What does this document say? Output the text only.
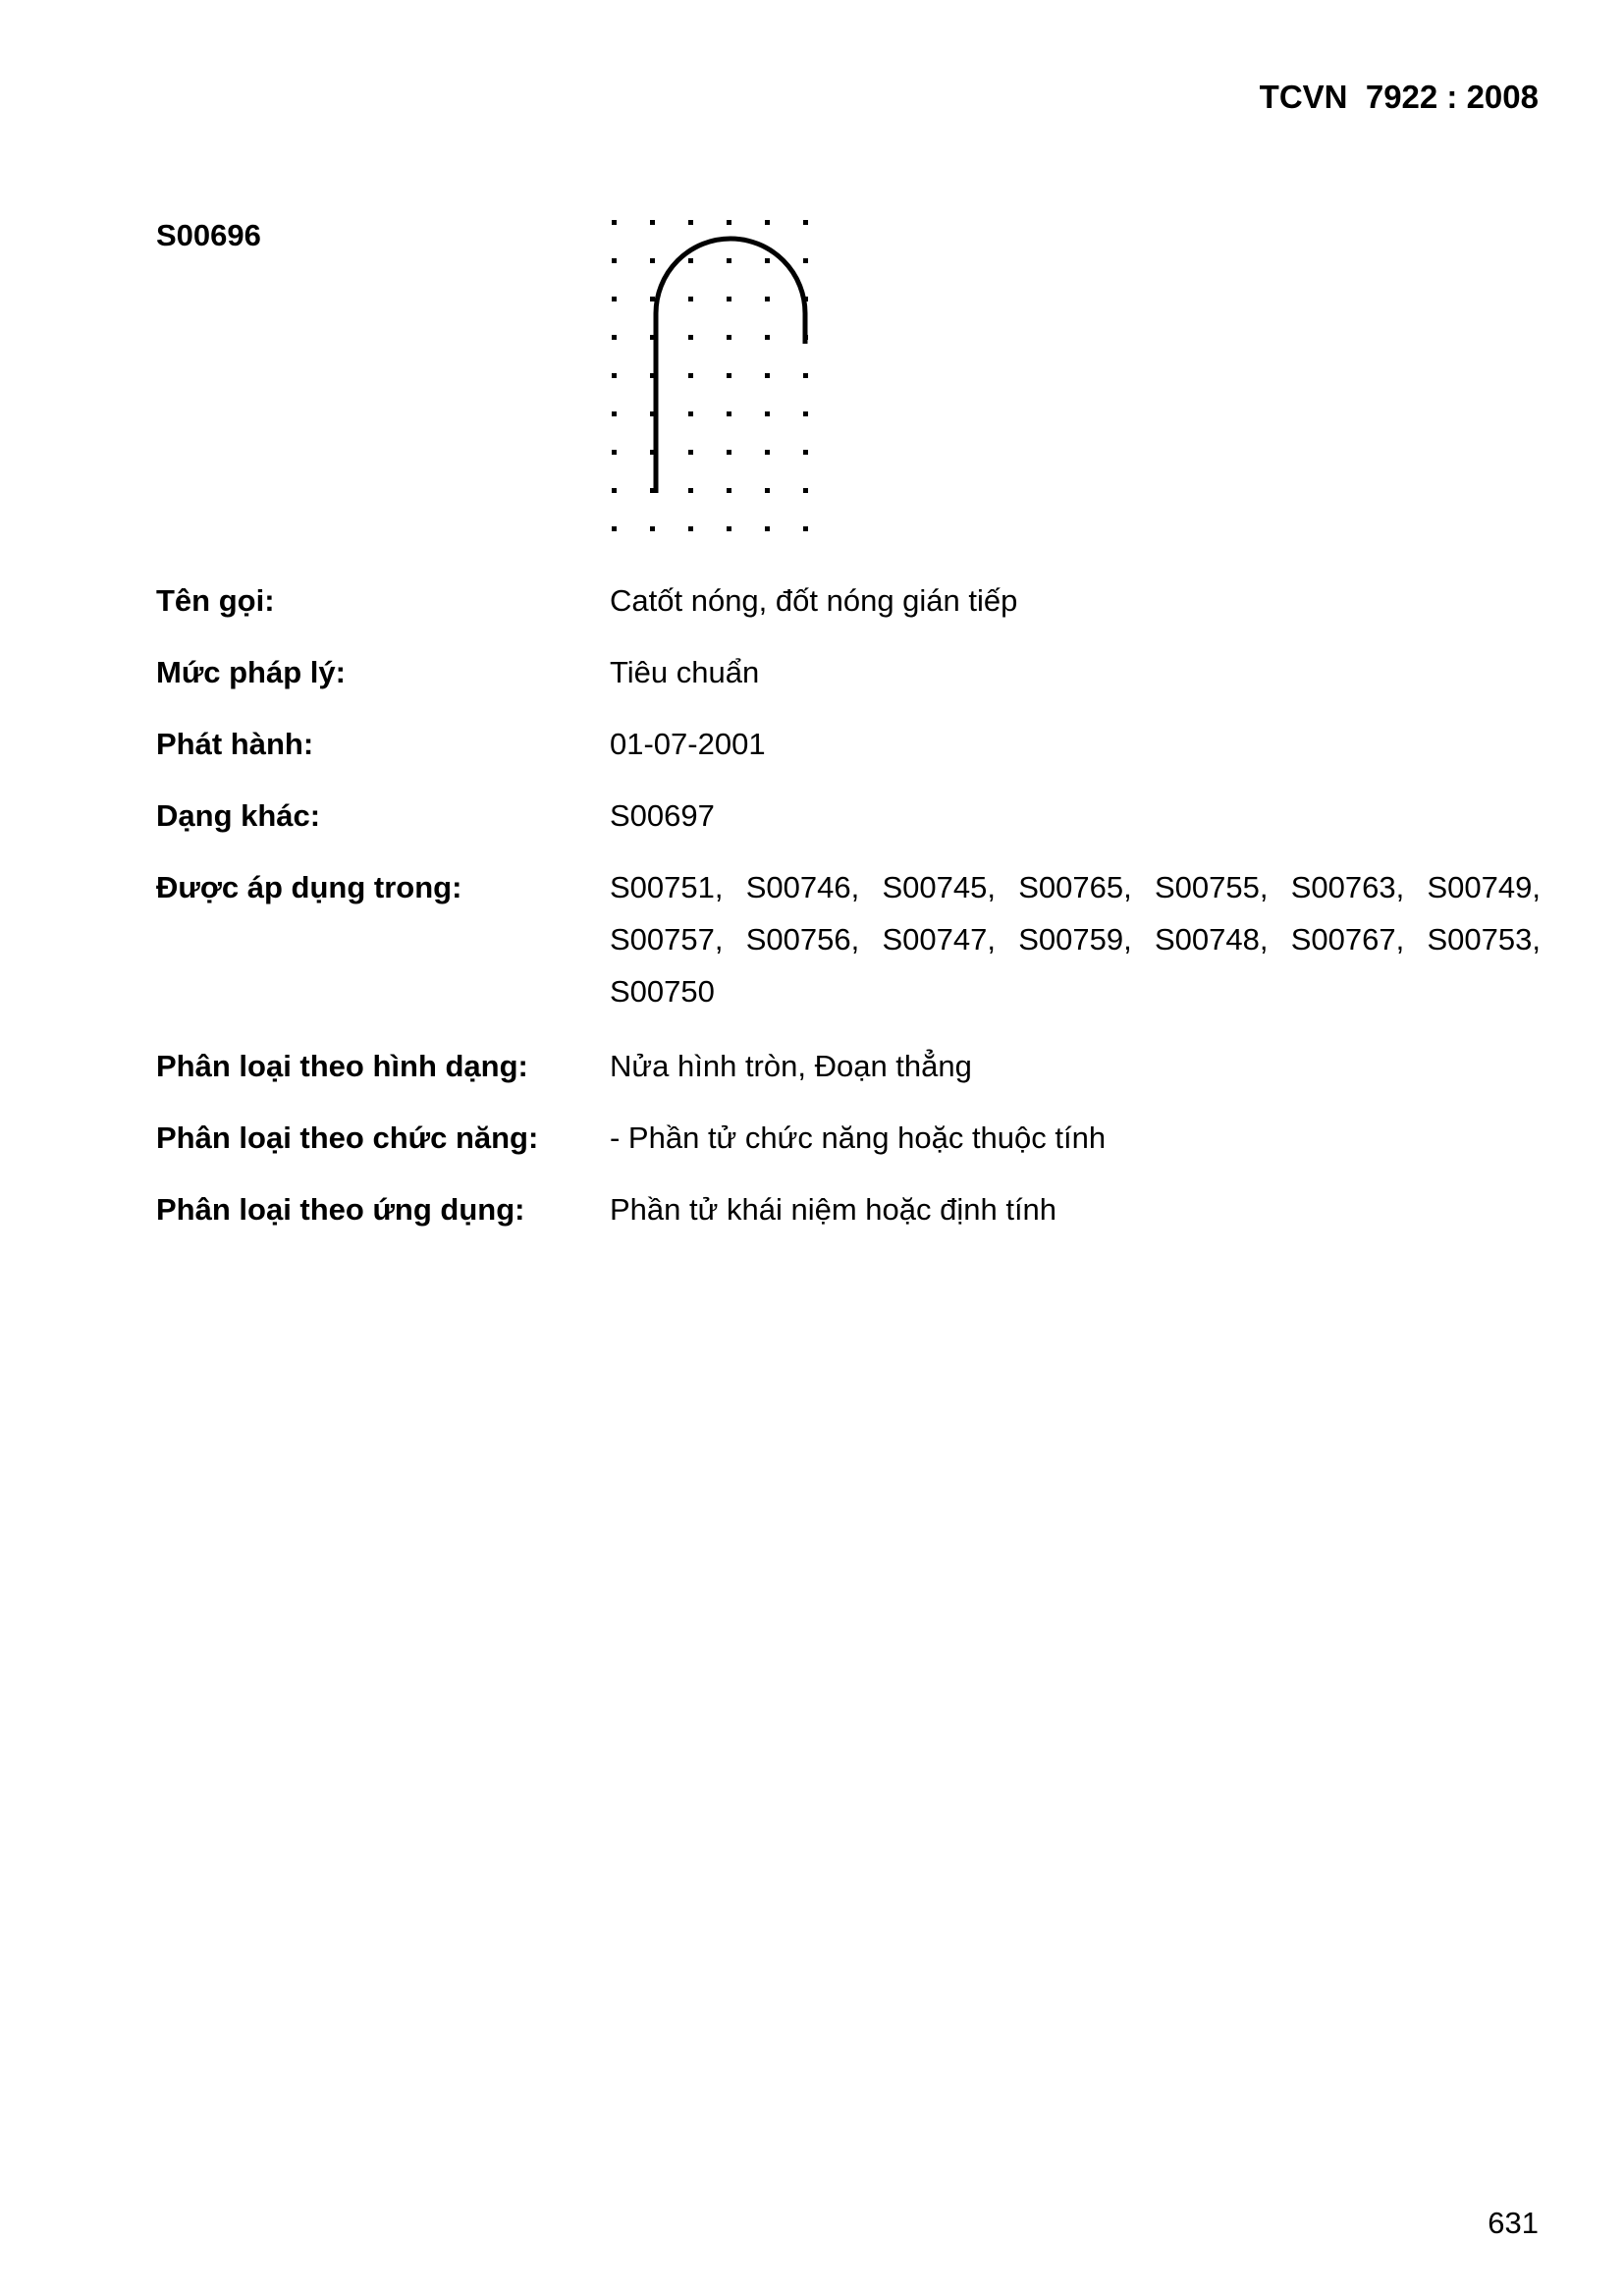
TCVN  7922 : 2008
S00696
Tên gọi:	Catốt nóng, đốt nóng gián tiếp
Mức pháp lý:	Tiêu chuẩn
Phát hành:	01-07-2001
Dạng khác:	S00697
Được áp dụng trong:	S00751, S00746, S00745, S00765, S00755, S00763, S00749, S00757, S00756, S00747, S00759, S00748, S00767, S00753, S00750
Phân loại theo hình dạng:	Nửa hình tròn, Đoạn thẳng
Phân loại theo chức năng: - Phần tử chức năng hoặc thuộc tính
Phân loại theo ứng dụng:	Phần tử khái niệm hoặc định tính
631
